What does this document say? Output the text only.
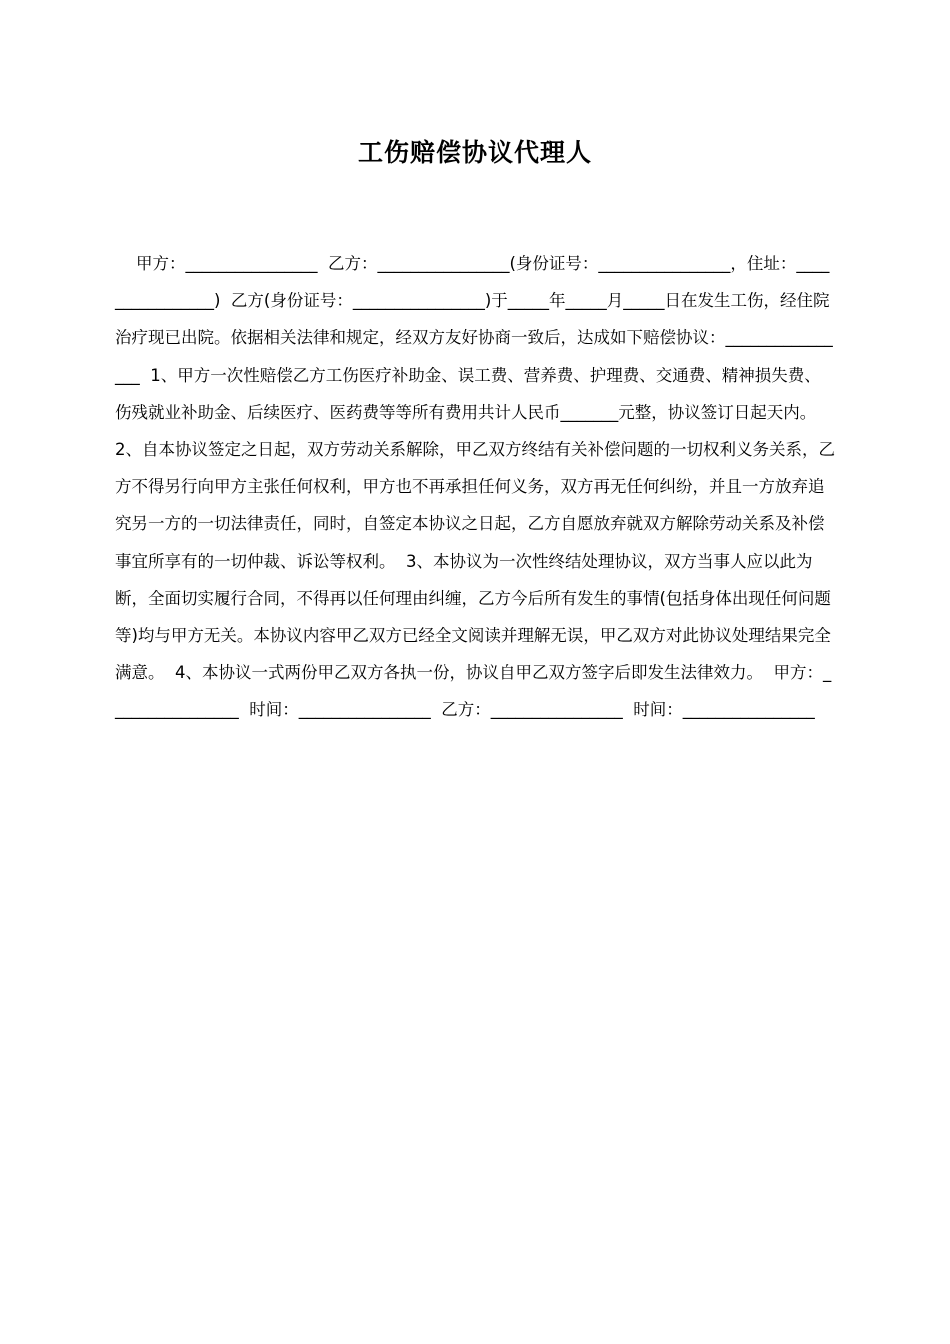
工伤赔偿协议代理人

甲方：________________  乙方：________________(身份证号：________________，住址：________________)  乙方(身份证号：________________)于_____年_____月_____日在发生工伤，经住院治疗现已出院。依据相关法律和规定，经双方友好协商一致后，达成如下赔偿协议：________________  1、甲方一次性赔偿乙方工伤医疗补助金、误工费、营养费、护理费、交通费、精神损失费、伤残就业补助金、后续医疗、医药费等等所有费用共计人民币_______元整，协议签订日起天内。  2、自本协议签定之日起，双方劳动关系解除，甲乙双方终结有关补偿问题的一切权利义务关系，乙方不得另行向甲方主张任何权利，甲方也不再承担任何义务，双方再无任何纠纷，并且一方放弃追究另一方的一切法律责任，同时，自签定本协议之日起，乙方自愿放弃就双方解除劳动关系及补偿事宜所享有的一切仲裁、诉讼等权利。  3、本协议为一次性终结处理协议，双方当事人应以此为断，全面切实履行合同，不得再以任何理由纠缠，乙方今后所有发生的事情(包括身体出现任何问题等)均与甲方无关。本协议内容甲乙双方已经全文阅读并理解无误，甲乙双方对此协议处理结果完全满意。  4、本协议一式两份甲乙双方各执一份，协议自甲乙双方签字后即发生法律效力。  甲方：________________  时间：________________  乙方：________________  时间：________________
